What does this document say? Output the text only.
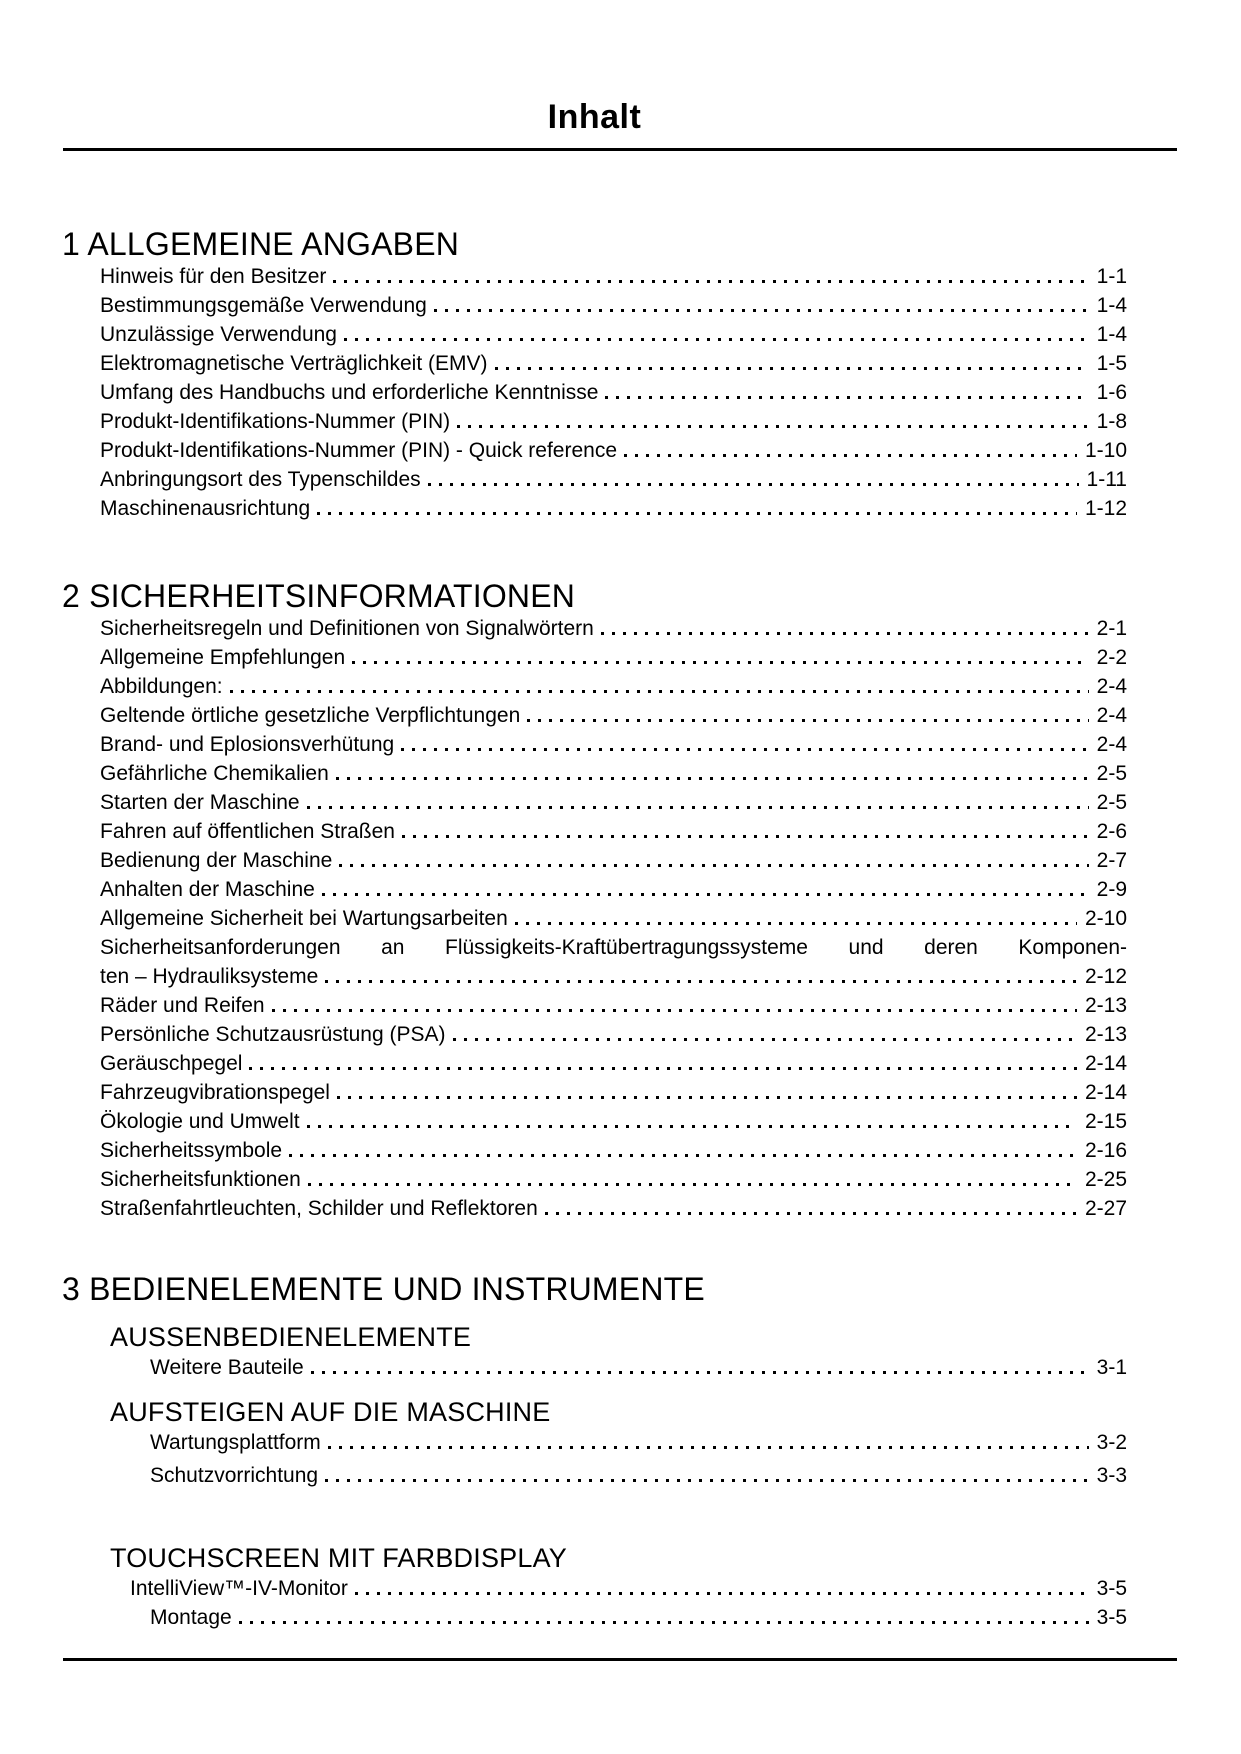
Inhalt
1 ALLGEMEINE ANGABEN
Hinweis für den Besitzer	1-1
Bestimmungsgemäße Verwendung	1-4
Unzulässige Verwendung	1-4
Elektromagnetische Verträglichkeit (EMV)	1-5
Umfang des Handbuchs und erforderliche Kenntnisse	1-6
Produkt-Identifikations-Nummer (PIN)	1-8
Produkt-Identifikations-Nummer (PIN) - Quick reference	1-10
Anbringungsort des Typenschildes	1-11
Maschinenausrichtung	1-12
2 SICHERHEITSINFORMATIONEN
Sicherheitsregeln und Definitionen von Signalwörtern	2-1
Allgemeine Empfehlungen	2-2
Abbildungen:	2-4
Geltende örtliche gesetzliche Verpflichtungen	2-4
Brand- und Eplosionsverhütung	2-4
Gefährliche Chemikalien	2-5
Starten der Maschine	2-5
Fahren auf öffentlichen Straßen	2-6
Bedienung der Maschine	2-7
Anhalten der Maschine	2-9
Allgemeine Sicherheit bei Wartungsarbeiten	2-10
Sicherheitsanforderungen an Flüssigkeits-Kraftübertragungssysteme und deren Komponen-
ten – Hydrauliksysteme	2-12
Räder und Reifen	2-13
Persönliche Schutzausrüstung (PSA)	2-13
Geräuschpegel	2-14
Fahrzeugvibrationspegel	2-14
Ökologie und Umwelt	2-15
Sicherheitssymbole	2-16
Sicherheitsfunktionen	2-25
Straßenfahrtleuchten, Schilder und Reflektoren	2-27
3 BEDIENELEMENTE UND INSTRUMENTE
AUSSENBEDIENELEMENTE
Weitere Bauteile	3-1
AUFSTEIGEN AUF DIE MASCHINE
Wartungsplattform	3-2
Schutzvorrichtung	3-3
TOUCHSCREEN MIT FARBDISPLAY
IntelliView™-IV-Monitor	3-5
Montage	3-5
